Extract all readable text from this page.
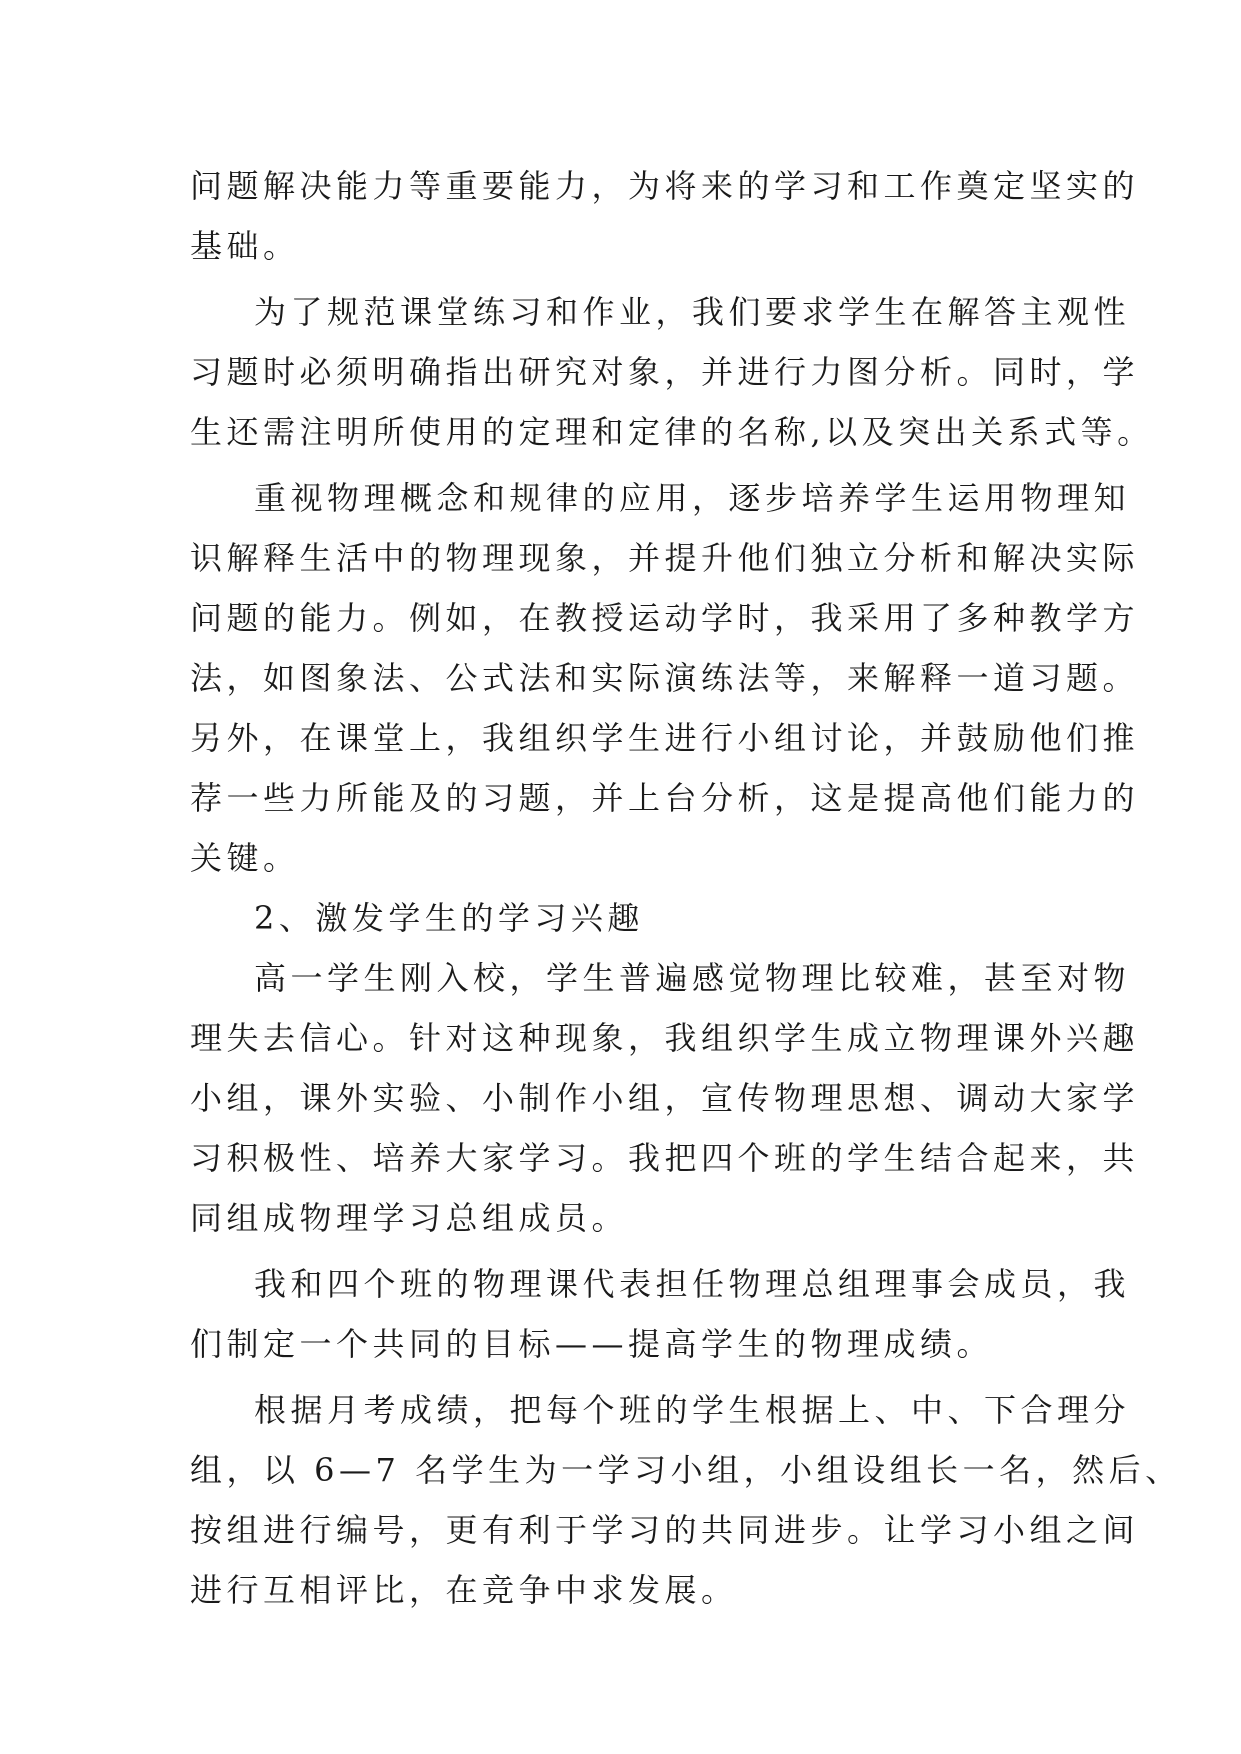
问题解决能力等重要能力，为将来的学习和工作奠定坚实的
基础。
为了规范课堂练习和作业，我们要求学生在解答主观性
习题时必须明确指出研究对象，并进行力图分析。同时，学
生还需注明所使用的定理和定律的名称,以及突出关系式等。
重视物理概念和规律的应用，逐步培养学生运用物理知
识解释生活中的物理现象，并提升他们独立分析和解决实际
问题的能力。例如，在教授运动学时，我采用了多种教学方
法，如图象法、公式法和实际演练法等，来解释一道习题。
另外，在课堂上，我组织学生进行小组讨论，并鼓励他们推
荐一些力所能及的习题，并上台分析，这是提高他们能力的
关键。
2、激发学生的学习兴趣
高一学生刚入校，学生普遍感觉物理比较难，甚至对物
理失去信心。针对这种现象，我组织学生成立物理课外兴趣
小组，课外实验、小制作小组，宣传物理思想、调动大家学
习积极性、培养大家学习。我把四个班的学生结合起来，共
同组成物理学习总组成员。
我和四个班的物理课代表担任物理总组理事会成员，我
们制定一个共同的目标——提高学生的物理成绩。
根据月考成绩，把每个班的学生根据上、中、下合理分
组，以 6—7 名学生为一学习小组，小组设组长一名，然后、
按组进行编号，更有利于学习的共同进步。让学习小组之间
进行互相评比，在竞争中求发展。
